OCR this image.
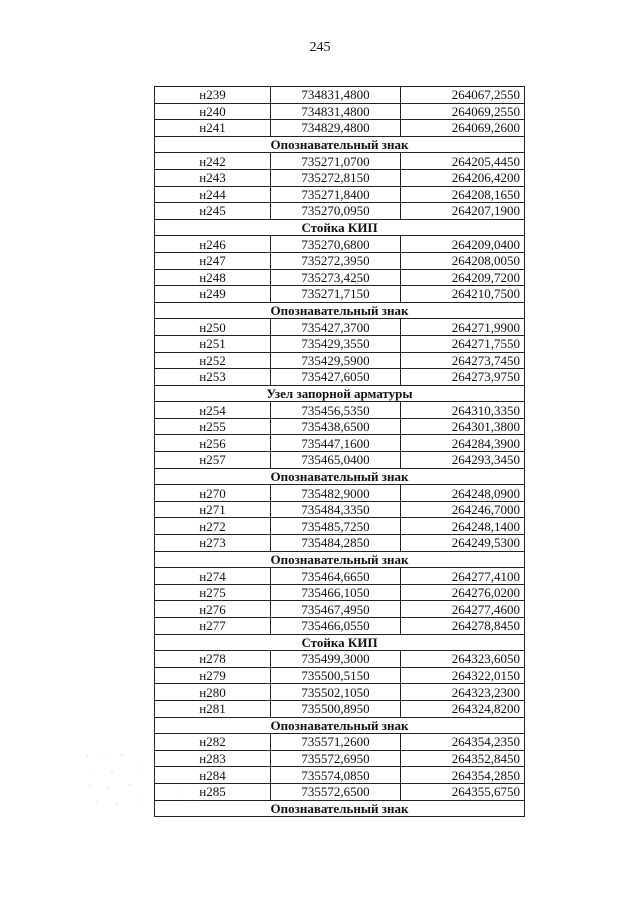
245
н239	734831,4800	264067,2550
н240	734831,4800	264069,2550
н241	734829,4800	264069,2600
Опознавательный знак		
н242	735271,0700	264205,4450
н243	735272,8150	264206,4200
н244	735271,8400	264208,1650
н245	735270,0950	264207,1900
Стойка КИП		
н246	735270,6800	264209,0400
н247	735272,3950	264208,0050
н248	735273,4250	264209,7200
н249	735271,7150	264210,7500
Опознавательный знак		
н250	735427,3700	264271,9900
н251	735429,3550	264271,7550
н252	735429,5900	264273,7450
н253	735427,6050	264273,9750
Узел запорной арматуры		
н254	735456,5350	264310,3350
н255	735438,6500	264301,3800
н256	735447,1600	264284,3900
н257	735465,0400	264293,3450
Опознавательный знак		
н270	735482,9000	264248,0900
н271	735484,3350	264246,7000
н272	735485,7250	264248,1400
н273	735484,2850	264249,5300
Опознавательный знак		
н274	735464,6650	264277,4100
н275	735466,1050	264276,0200
н276	735467,4950	264277,4600
н277	735466,0550	264278,8450
Стойка КИП		
н278	735499,3000	264323,6050
н279	735500,5150	264322,0150
н280	735502,1050	264323,2300
н281	735500,8950	264324,8200
Опознавательный знак		
н282	735571,2600	264354,2350
н283	735572,6950	264352,8450
н284	735574,0850	264354,2850
н285	735572,6500	264355,6750
Опознавательный знак		
